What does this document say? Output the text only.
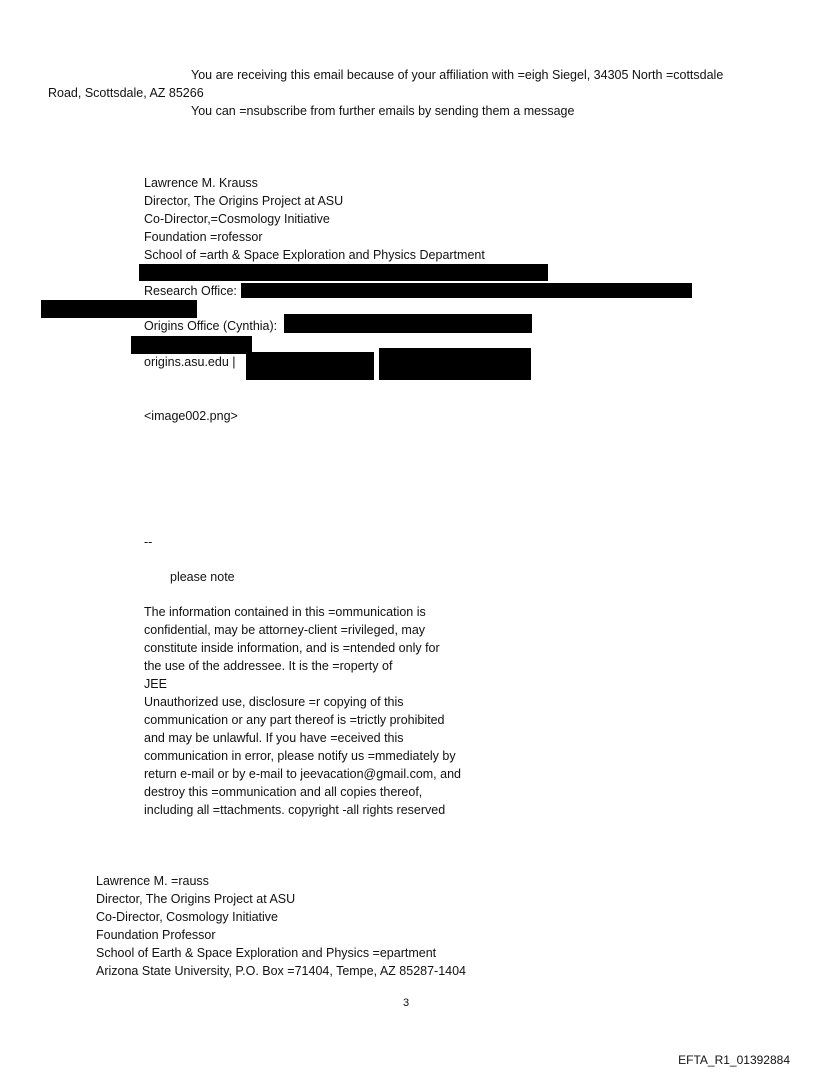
You are receiving this email because of your affiliation with =eigh Siegel, 34305 North =cottsdale
Road, Scottsdale, AZ 85266
You can =nsubscribe from further emails by sending them a message
Lawrence M. Krauss
Director, The Origins Project at ASU
Co-Director,=Cosmology Initiative
Foundation =rofessor
School of =arth & Space Exploration and Physics Department
Research Office:
Origins Office (Cynthia):
origins.asu.edu |
<image002.png>
--
please note
The information contained in this =ommunication is
confidential, may be attorney-client =rivileged, may
constitute inside information, and is =ntended only for
the use of the addressee. It is the =roperty of
JEE
Unauthorized use, disclosure =r copying of this
communication or any part thereof is =trictly prohibited
and may be unlawful. If you have =eceived this
communication in error, please notify us =mmediately by
return e-mail or by e-mail to jeevacation@gmail.com, and
destroy this =ommunication and all copies thereof,
including all =ttachments. copyright -all rights reserved
Lawrence M. =rauss
Director, The Origins Project at ASU
Co-Director, Cosmology Initiative
Foundation Professor
School of Earth & Space Exploration and Physics =epartment
Arizona State University, P.O. Box =71404, Tempe, AZ 85287-1404
3
EFTA_R1_01392884
